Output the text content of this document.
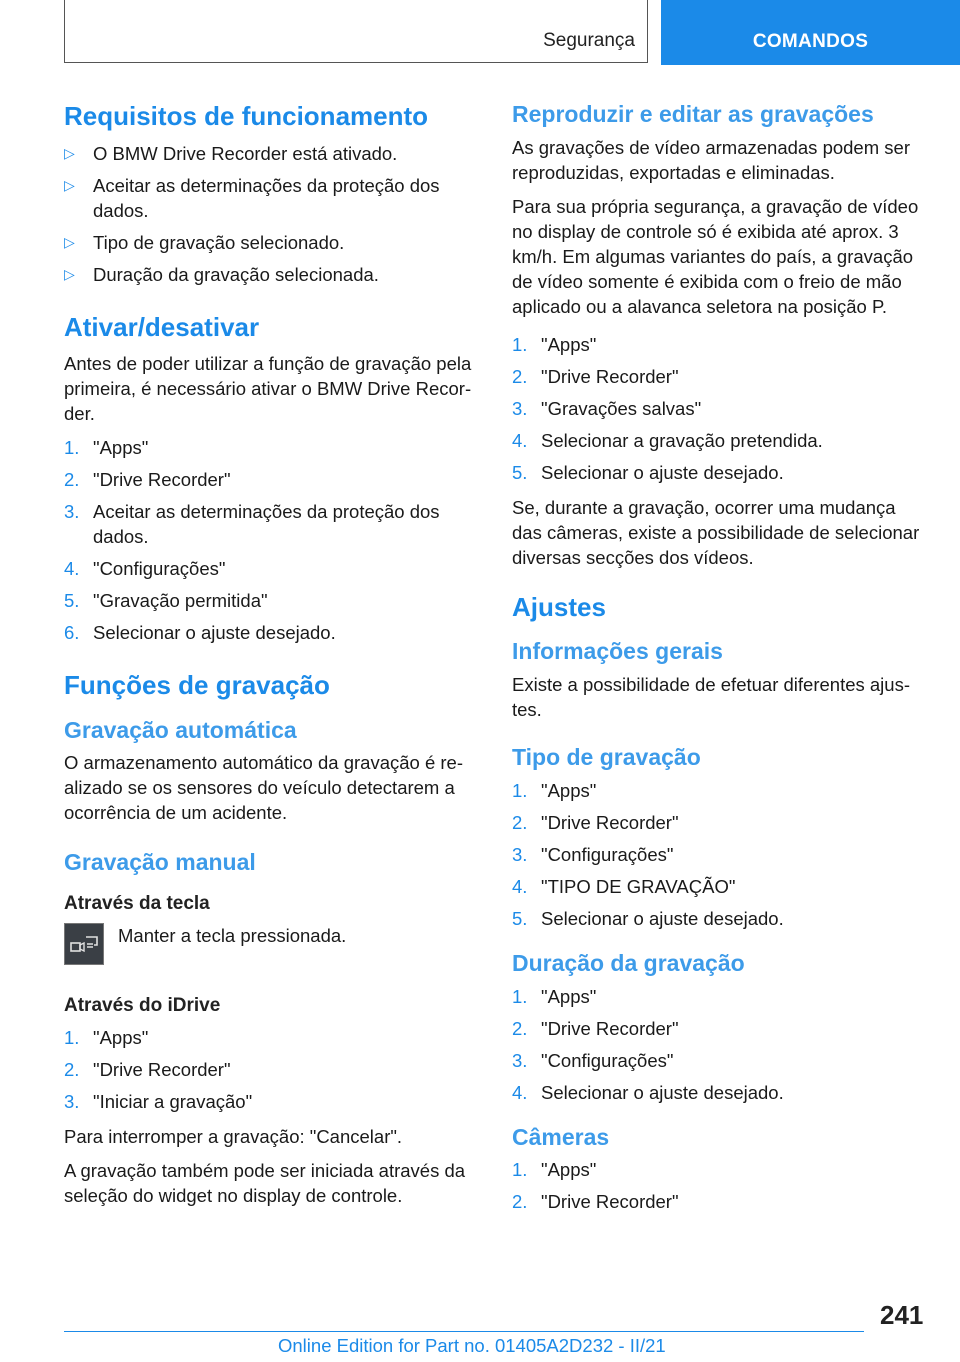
Segurança	COMANDOS
Requisitos de funcionamento
▷ O BMW Drive Recorder está ativado.
▷ Aceitar as determinações da proteção dos dados.
▷ Tipo de gravação selecionado.
▷ Duração da gravação selecionada.
Ativar/desativar

Antes de poder utilizar a função de gravação pela primeira, é necessário ativar o BMW Drive Recorder.

1. "Apps"
2. "Drive Recorder"
3. Aceitar as determinações da proteção dos dados.
4. "Configurações"
5. "Gravação permitida"
6. Selecionar o ajuste desejado.
Funções de gravação
Gravação automática

O armazenamento automático da gravação é realizado se os sensores do veículo detectarem a ocorrência de um acidente.

Gravação manual
Através da tecla
Manter a tecla pressionada.
Através do iDrive
1. "Apps"
2. "Drive Recorder"
3. "Iniciar a gravação"

Para interromper a gravação: "Cancelar".

A gravação também pode ser iniciada através da seleção do widget no display de controle.

Reproduzir e editar as gravações

As gravações de vídeo armazenadas podem ser reproduzidas, exportadas e eliminadas.

Para sua própria segurança, a gravação de vídeo no display de controle só é exibida até aprox. 3 km/h. Em algumas variantes do país, a gravação de vídeo somente é exibida com o freio de mão aplicado ou a alavanca seletora na posição P.

1. "Apps"
2. "Drive Recorder"
3. "Gravações salvas"
4. Selecionar a gravação pretendida.
5. Selecionar o ajuste desejado.

Se, durante a gravação, ocorrer uma mudança das câmeras, existe a possibilidade de selecionar diversas secções dos vídeos.

Ajustes
Informações gerais

Existe a possibilidade de efetuar diferentes ajustes.

Tipo de gravação
1. "Apps"
2. "Drive Recorder"
3. "Configurações"
4. "TIPO DE GRAVAÇÃO"
5. Selecionar o ajuste desejado.
Duração da gravação
1. "Apps"
2. "Drive Recorder"
3. "Configurações"
4. Selecionar o ajuste desejado.
Câmeras
1. "Apps"
2. "Drive Recorder"
241
Online Edition for Part no. 01405A2D232 - II/21
